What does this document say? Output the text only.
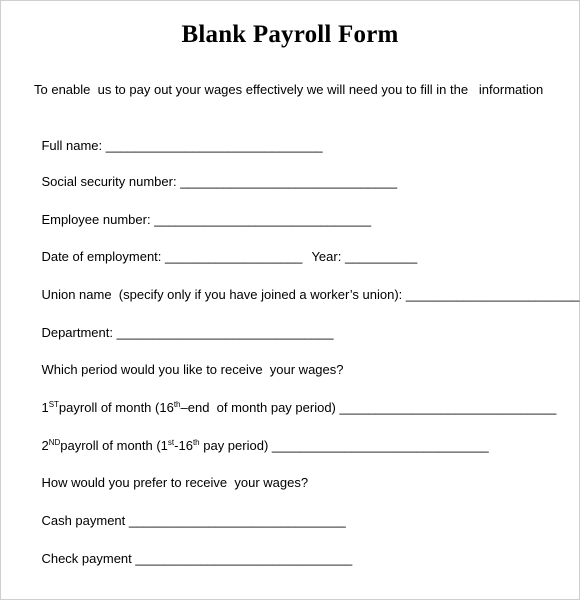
Blank Payroll Form
To enable  us to pay out your wages effectively we will need you to fill in the   information

Full name: ______________________________

Social security number: ______________________________

Employee number: ______________________________

Date of employment: ___________________
Year: __________

Union name  (specify only if you have joined a worker’s union): ________________________

Department: ______________________________

Which period would you like to receive  your wages?

1STpayroll of month (16th–end  of month pay period) ______________________________

2NDpayroll of month (1st-16th pay period) ______________________________

How would you prefer to receive  your wages?

Cash payment ______________________________

Check payment ______________________________
